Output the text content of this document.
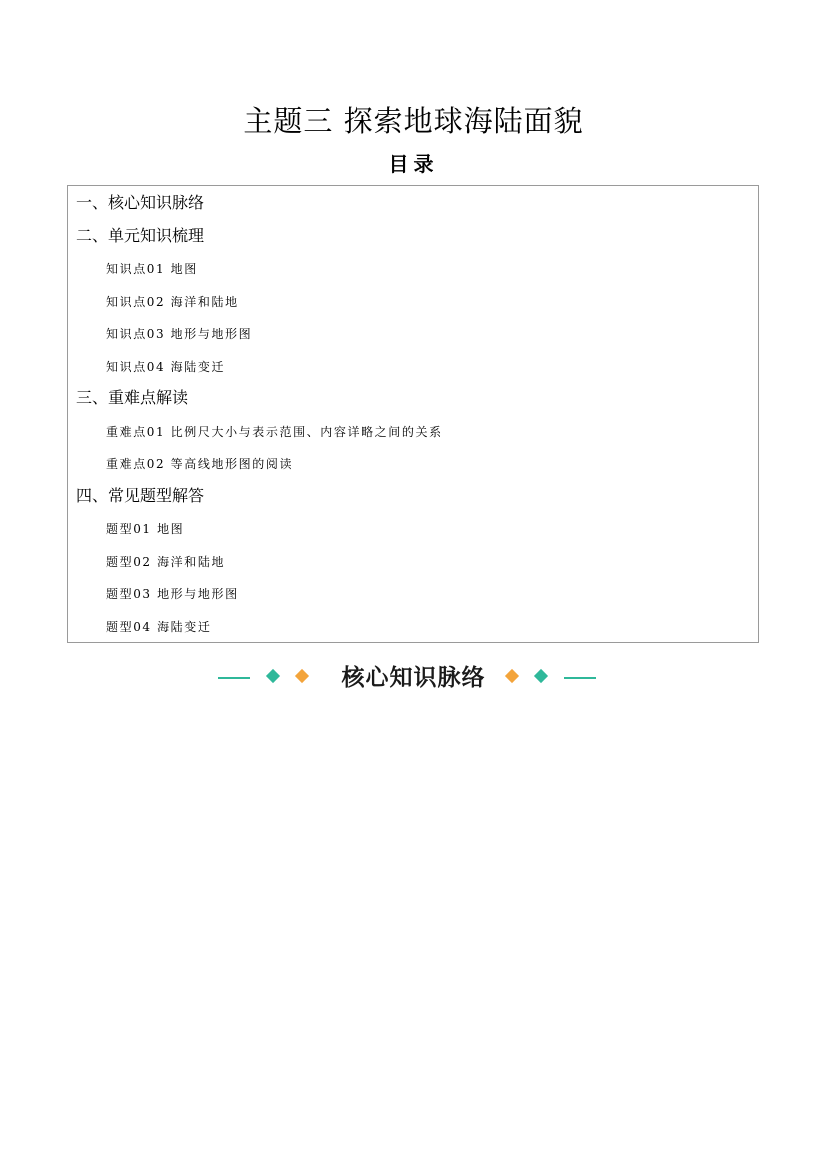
主题三 探索地球海陆面貌
目录
一、核心知识脉络
二、单元知识梳理
知识点01 地图
知识点02 海洋和陆地
知识点03 地形与地形图
知识点04 海陆变迁
三、重难点解读
重难点01 比例尺大小与表示范围、内容详略之间的关系
重难点02 等高线地形图的阅读
四、常见题型解答
题型01 地图
题型02 海洋和陆地
题型03 地形与地形图
题型04 海陆变迁
核心知识脉络
